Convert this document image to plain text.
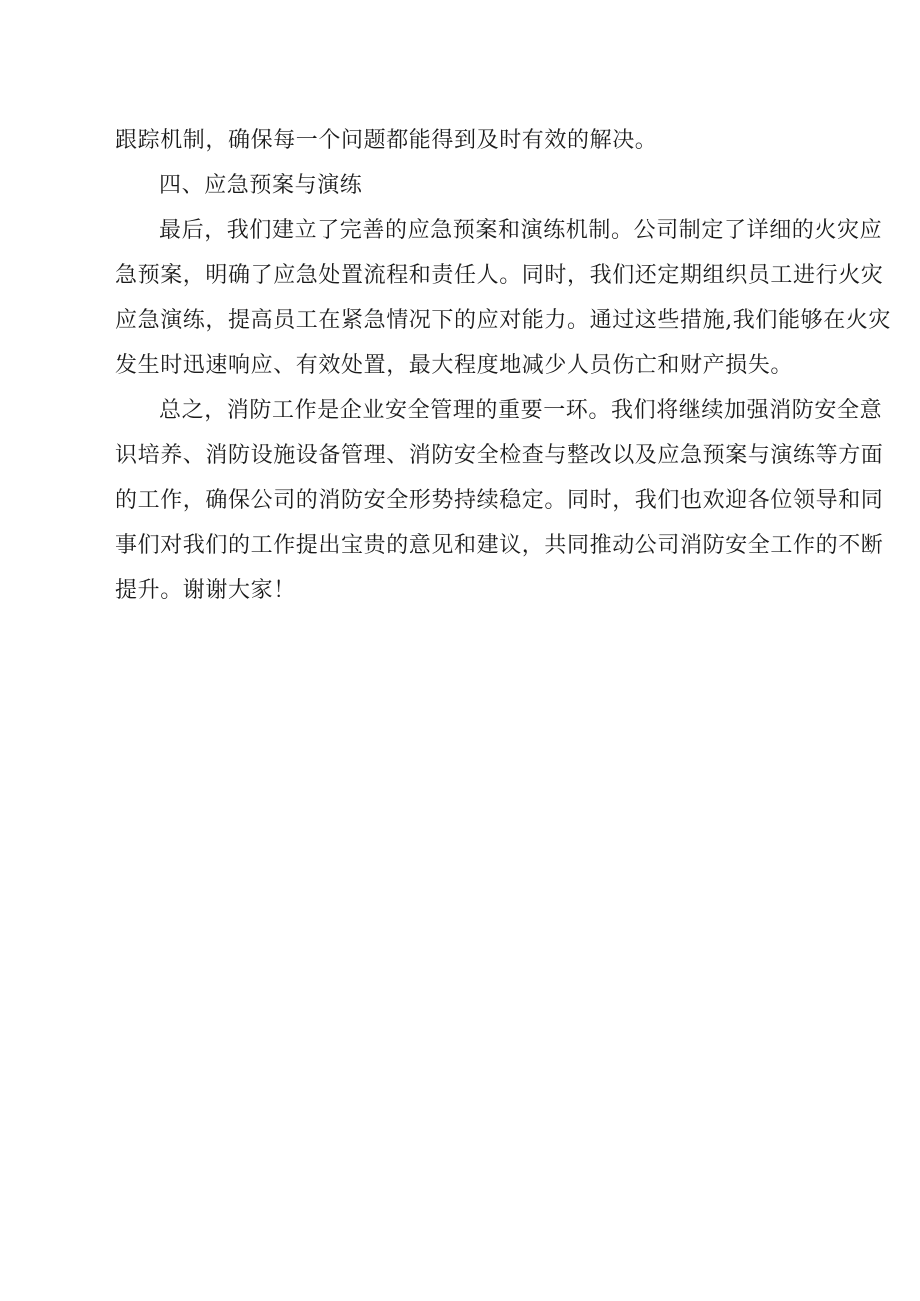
跟踪机制，确保每一个问题都能得到及时有效的解决。
四、应急预案与演练
最后，我们建立了完善的应急预案和演练机制。公司制定了详细的火灾应
急预案，明确了应急处置流程和责任人。同时，我们还定期组织员工进行火灾
应急演练，提高员工在紧急情况下的应对能力。通过这些措施,我们能够在火灾
发生时迅速响应、有效处置，最大程度地减少人员伤亡和财产损失。
总之，消防工作是企业安全管理的重要一环。我们将继续加强消防安全意
识培养、消防设施设备管理、消防安全检查与整改以及应急预案与演练等方面
的工作，确保公司的消防安全形势持续稳定。同时，我们也欢迎各位领导和同
事们对我们的工作提出宝贵的意见和建议，共同推动公司消防安全工作的不断
提升。谢谢大家！
